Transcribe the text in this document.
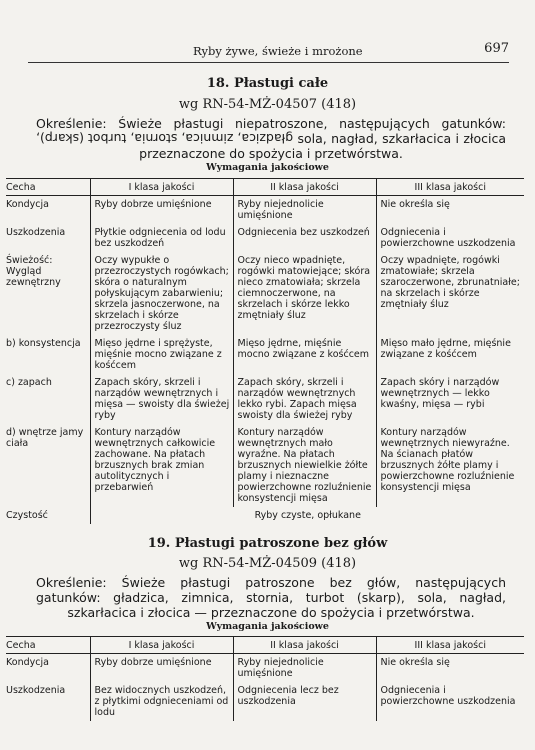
Ryby żywe, świeże i mrożone	697
18. Płastugi całe
wg RN-54-MŻ-04507 (418)
Określenie: Świeże płastugi niepatroszone, następujących gatunków:
gładzica, zimnica, stornia, turbot (skarp), sola, nagład, szkarłacica i złocica
przeznaczone do spożycia i przetwórstwa.
Wymagania jakościowe
Cecha	I klasa jakości	II klasa jakości	III klasa jakości
Kondycja	Ryby dobrze umięśnione	Ryby niejednolicie umięśnione	Nie określa się
Uszkodzenia	Płytkie odgniecenia od lodu bez uszkodzeń	Odgniecenia bez uszkodzeń	Odgniecenia i powierzchowne uszkodzenia
Świeżość: Wygląd zewnętrzny	Oczy wypukłe o przezroczystych rogówkach; skóra o naturalnym połyskującym zabarwieniu; skrzela jasnoczerwone, na skrzelach i skórze przezroczysty śluz	Oczy nieco wpadnięte, rogówki matowiejące; skóra nieco zmatowiała; skrzela ciemnoczerwone, na skrzelach i skórze lekko zmętniały śluz	Oczy wpadnięte, rogówki zmatowiałe; skrzela szaroczerwone, zbrunatniałe; na skrzelach i skórze zmętniały śluz
b) konsystencja	Mięso jędrne i sprężyste, mięśnie mocno związane z kośćcem	Mięso jędrne, mięśnie mocno związane z kośćcem	Mięso mało jędrne, mięśnie związane z kośćcem
c) zapach	Zapach skóry, skrzeli i narządów wewnętrznych i mięsa — swoisty dla świeżej ryby	Zapach skóry, skrzeli i narządów wewnętrznych lekko rybi. Zapach mięsa swoisty dla świeżej ryby	Zapach skóry i narządów wewnętrznych — lekko kwaśny, mięsa — rybi
d) wnętrze jamy ciała	Kontury narządów wewnętrznych całkowicie zachowane. Na płatach brzusznych brak zmian autolitycznych i przebarwień	Kontury narządów wewnętrznych mało wyraźne. Na płatach brzusznych niewielkie żółte plamy i nieznaczne powierzchowne rozluźnienie konsystencji mięsa	Kontury narządów wewnętrznych niewyraźne. Na ścianach płatów brzusznych żółte plamy i powierzchowne rozluźnienie konsystencji mięsa
Czystość	Ryby czyste, opłukane		
19. Płastugi patroszone bez głów
wg RN-54-MŻ-04509 (418)
Określenie: Świeże płastugi patroszone bez głów, następujących
gatunków: gładzica, zimnica, stornia, turbot (skarp), sola, nagład,
szkarłacica i złocica — przeznaczone do spożycia i przetwórstwa.
Wymagania jakościowe
Cecha	I klasa jakości	II klasa jakości	III klasa jakości
Kondycja	Ryby dobrze umięśnione	Ryby niejednolicie umięśnione	Nie określa się
Uszkodzenia	Bez widocznych uszkodzeń, z płytkimi odgnieceniami od lodu	Odgniecenia lecz bez uszkodzenia	Odgniecenia i powierzchowne uszkodzenia
